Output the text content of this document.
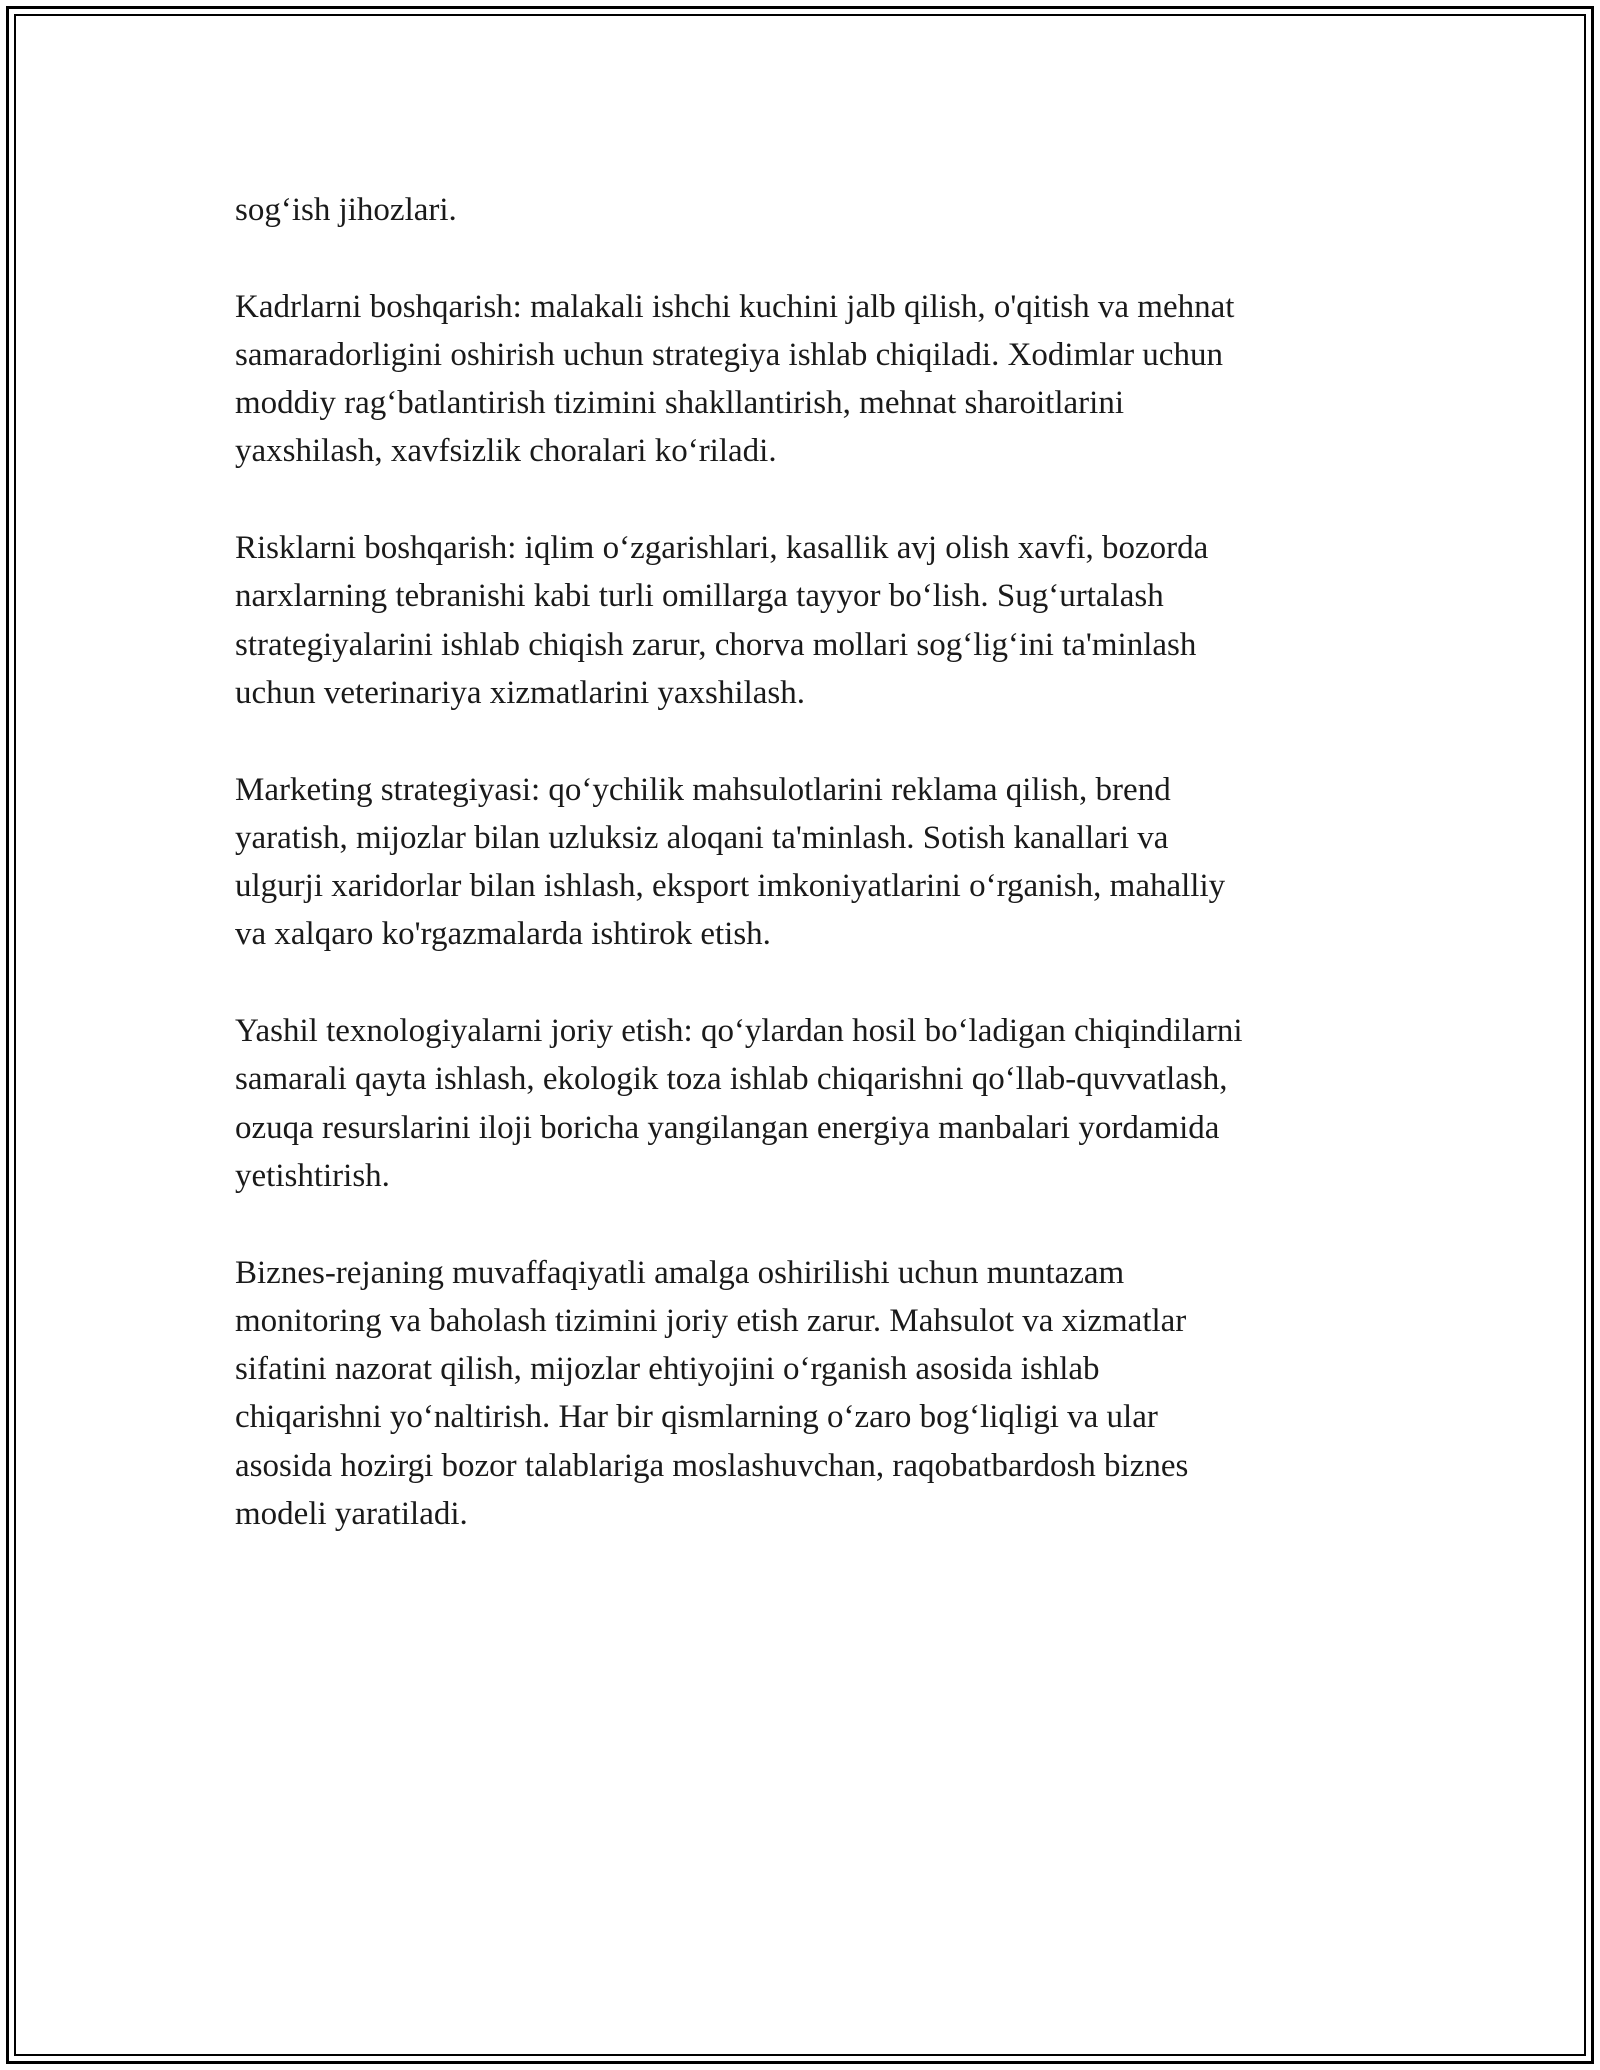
sog‘ish jihozlari.

Kadrlarni boshqarish: malakali ishchi kuchini jalb qilish, o'qitish va mehnat
samaradorligini oshirish uchun strategiya ishlab chiqiladi. Xodimlar uchun
moddiy rag‘batlantirish tizimini shakllantirish, mehnat sharoitlarini
yaxshilash, xavfsizlik choralari ko‘riladi.

Risklarni boshqarish: iqlim o‘zgarishlari, kasallik avj olish xavfi, bozorda
narxlarning tebranishi kabi turli omillarga tayyor bo‘lish. Sug‘urtalash
strategiyalarini ishlab chiqish zarur, chorva mollari sog‘lig‘ini ta'minlash
uchun veterinariya xizmatlarini yaxshilash.

Marketing strategiyasi: qo‘ychilik mahsulotlarini reklama qilish, brend
yaratish, mijozlar bilan uzluksiz aloqani ta'minlash. Sotish kanallari va
ulgurji xaridorlar bilan ishlash, eksport imkoniyatlarini o‘rganish, mahalliy
va xalqaro ko'rgazmalarda ishtirok etish.

Yashil texnologiyalarni joriy etish: qo‘ylardan hosil bo‘ladigan chiqindilarni
samarali qayta ishlash, ekologik toza ishlab chiqarishni qo‘llab-quvvatlash,
ozuqa resurslarini iloji boricha yangilangan energiya manbalari yordamida
yetishtirish.

Biznes-rejaning muvaffaqiyatli amalga oshirilishi uchun muntazam
monitoring va baholash tizimini joriy etish zarur. Mahsulot va xizmatlar
sifatini nazorat qilish, mijozlar ehtiyojini o‘rganish asosida ishlab
chiqarishni yo‘naltirish. Har bir qismlarning o‘zaro bog‘liqligi va ular
asosida hozirgi bozor talablariga moslashuvchan, raqobatbardosh biznes
modeli yaratiladi.
